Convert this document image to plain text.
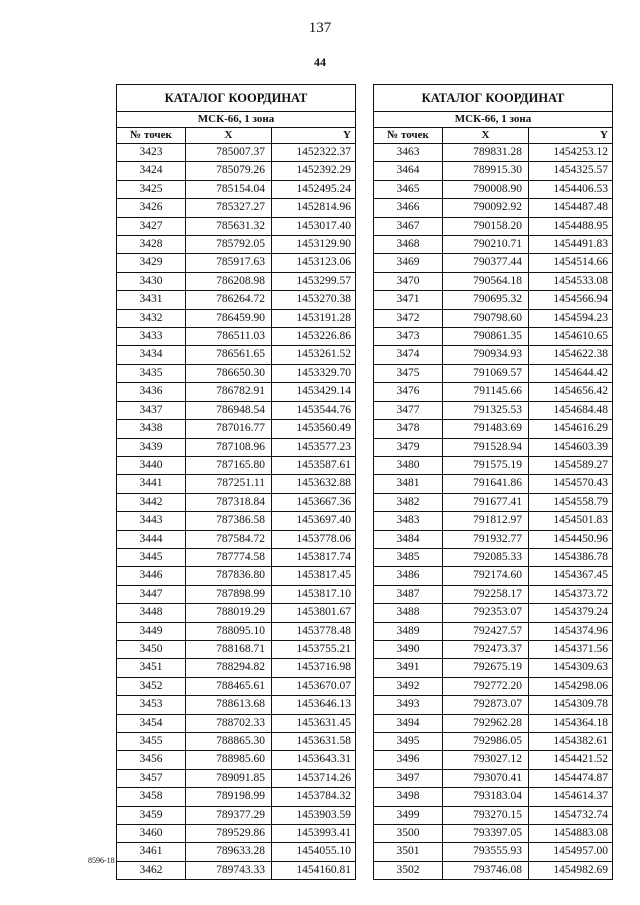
137
44
КАТАЛОГ КООРДИНАТ		
МСК-66, 1 зона		
№ точек	X	Y
3423	785007.37	1452322.37
3424	785079.26	1452392.29
3425	785154.04	1452495.24
3426	785327.27	1452814.96
3427	785631.32	1453017.40
3428	785792.05	1453129.90
3429	785917.63	1453123.06
3430	786208.98	1453299.57
3431	786264.72	1453270.38
3432	786459.90	1453191.28
3433	786511.03	1453226.86
3434	786561.65	1453261.52
3435	786650.30	1453329.70
3436	786782.91	1453429.14
3437	786948.54	1453544.76
3438	787016.77	1453560.49
3439	787108.96	1453577.23
3440	787165.80	1453587.61
3441	787251.11	1453632.88
3442	787318.84	1453667.36
3443	787386.58	1453697.40
3444	787584.72	1453778.06
3445	787774.58	1453817.74
3446	787836.80	1453817.45
3447	787898.99	1453817.10
3448	788019.29	1453801.67
3449	788095.10	1453778.48
3450	788168.71	1453755.21
3451	788294.82	1453716.98
3452	788465.61	1453670.07
3453	788613.68	1453646.13
3454	788702.33	1453631.45
3455	788865.30	1453631.58
3456	788985.60	1453643.31
3457	789091.85	1453714.26
3458	789198.99	1453784.32
3459	789377.29	1453903.59
3460	789529.86	1453993.41
3461	789633.28	1454055.10
3462	789743.33	1454160.81
КАТАЛОГ КООРДИНАТ		
МСК-66, 1 зона		
№ точек	X	Y
3463	789831.28	1454253.12
3464	789915.30	1454325.57
3465	790008.90	1454406.53
3466	790092.92	1454487.48
3467	790158.20	1454488.95
3468	790210.71	1454491.83
3469	790377.44	1454514.66
3470	790564.18	1454533.08
3471	790695.32	1454566.94
3472	790798.60	1454594.23
3473	790861.35	1454610.65
3474	790934.93	1454622.38
3475	791069.57	1454644.42
3476	791145.66	1454656.42
3477	791325.53	1454684.48
3478	791483.69	1454616.29
3479	791528.94	1454603.39
3480	791575.19	1454589.27
3481	791641.86	1454570.43
3482	791677.41	1454558.79
3483	791812.97	1454501.83
3484	791932.77	1454450.96
3485	792085.33	1454386.78
3486	792174.60	1454367.45
3487	792258.17	1454373.72
3488	792353.07	1454379.24
3489	792427.57	1454374.96
3490	792473.37	1454371.56
3491	792675.19	1454309.63
3492	792772.20	1454298.06
3493	792873.07	1454309.78
3494	792962.28	1454364.18
3495	792986.05	1454382.61
3496	793027.12	1454421.52
3497	793070.41	1454474.87
3498	793183.04	1454614.37
3499	793270.15	1454732.74
3500	793397.05	1454883.08
3501	793555.93	1454957.00
3502	793746.08	1454982.69
8596-18
